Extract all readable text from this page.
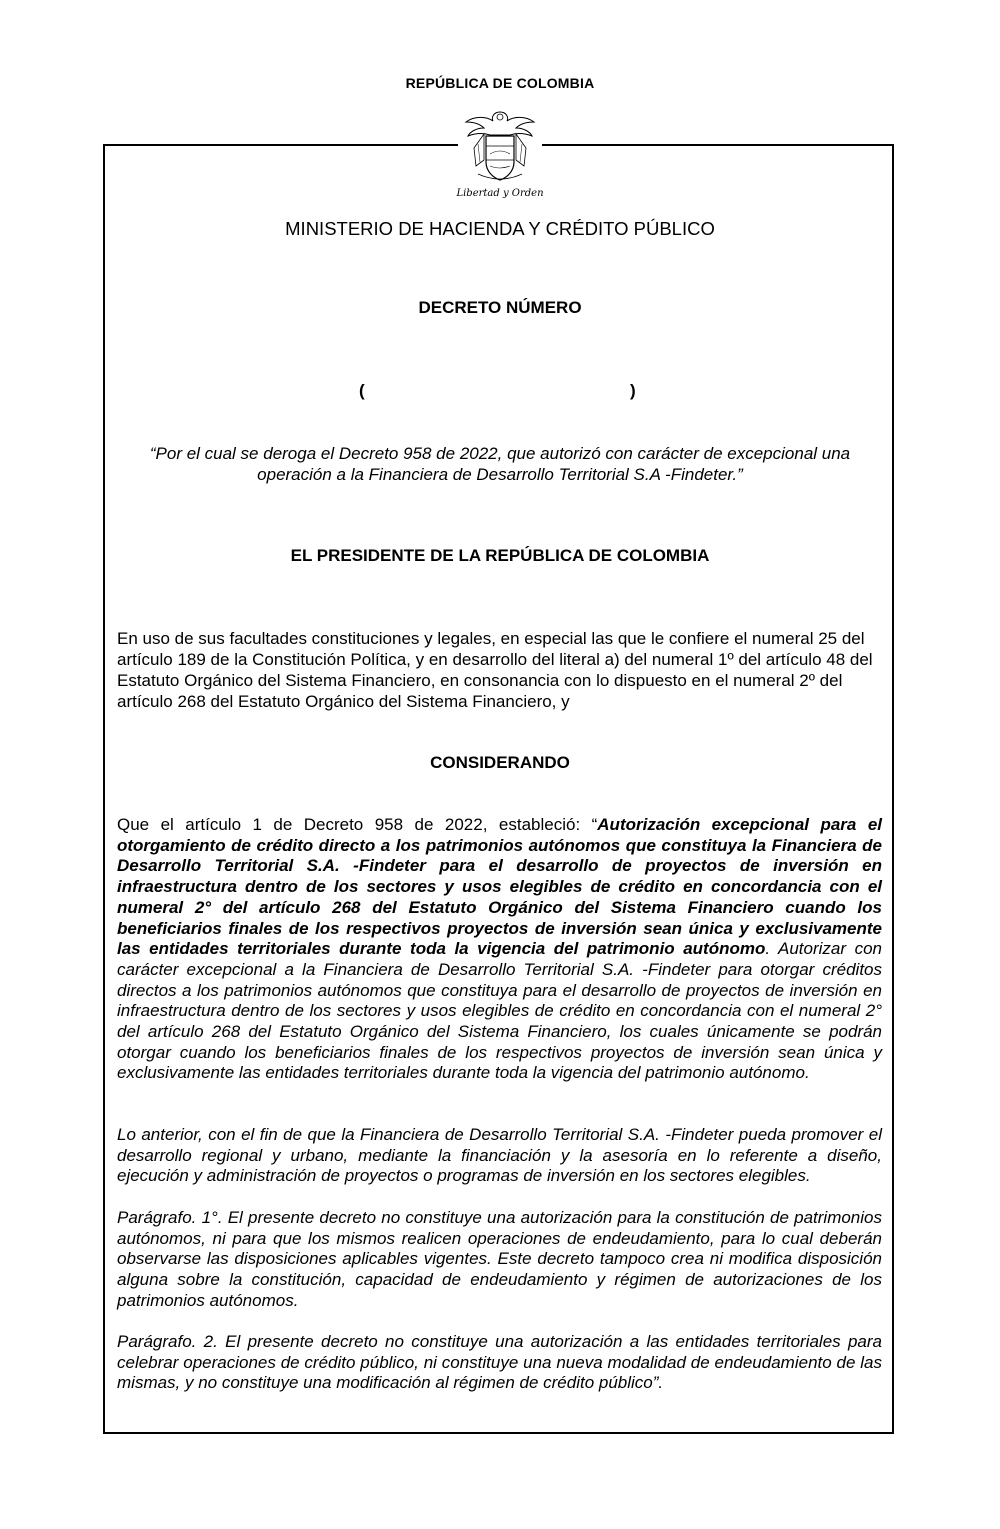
REPÚBLICA DE COLOMBIA
Libertad y Orden
MINISTERIO DE HACIENDA Y CRÉDITO PÚBLICO
DECRETO NÚMERO
(	)
“Por el cual se deroga el Decreto 958 de 2022, que autorizó con carácter de excepcional una operación a la Financiera de Desarrollo Territorial S.A -Findeter.”
EL PRESIDENTE DE LA REPÚBLICA DE COLOMBIA
En uso de sus facultades constituciones y legales, en especial las que le confiere el numeral 25 del artículo 189 de la Constitución Política, y en desarrollo del literal a) del numeral 1º del artículo 48 del Estatuto Orgánico del Sistema Financiero, en consonancia con lo dispuesto en el numeral 2º del artículo 268 del Estatuto Orgánico del Sistema Financiero, y
CONSIDERANDO
Que el artículo 1 de Decreto 958 de 2022, estableció: “Autorización excepcional para el otorgamiento de crédito directo a los patrimonios autónomos que constituya la Financiera de Desarrollo Territorial S.A. -Findeter para el desarrollo de proyectos de inversión en infraestructura dentro de los sectores y usos elegibles de crédito en concordancia con el numeral 2° del artículo 268 del Estatuto Orgánico del Sistema Financiero cuando los beneficiarios finales de los respectivos proyectos de inversión sean única y exclusivamente las entidades territoriales durante toda la vigencia del patrimonio autónomo. Autorizar con carácter excepcional a la Financiera de Desarrollo Territorial S.A. -Findeter para otorgar créditos directos a los patrimonios autónomos que constituya para el desarrollo de proyectos de inversión en infraestructura dentro de los sectores y usos elegibles de crédito en concordancia con el numeral 2° del artículo 268 del Estatuto Orgánico del Sistema Financiero, los cuales únicamente se podrán otorgar cuando los beneficiarios finales de los respectivos proyectos de inversión sean única y exclusivamente las entidades territoriales durante toda la vigencia del patrimonio autónomo.
Lo anterior, con el fin de que la Financiera de Desarrollo Territorial S.A. -Findeter pueda promover el desarrollo regional y urbano, mediante la financiación y la asesoría en lo referente a diseño, ejecución y administración de proyectos o programas de inversión en los sectores elegibles.
Parágrafo. 1°. El presente decreto no constituye una autorización para la constitución de patrimonios autónomos, ni para que los mismos realicen operaciones de endeudamiento, para lo cual deberán observarse las disposiciones aplicables vigentes. Este decreto tampoco crea ni modifica disposición alguna sobre la constitución, capacidad de endeudamiento y régimen de autorizaciones de los patrimonios autónomos.
Parágrafo. 2. El presente decreto no constituye una autorización a las entidades territoriales para celebrar operaciones de crédito público, ni constituye una nueva modalidad de endeudamiento de las mismas, y no constituye una modificación al régimen de crédito público”.
